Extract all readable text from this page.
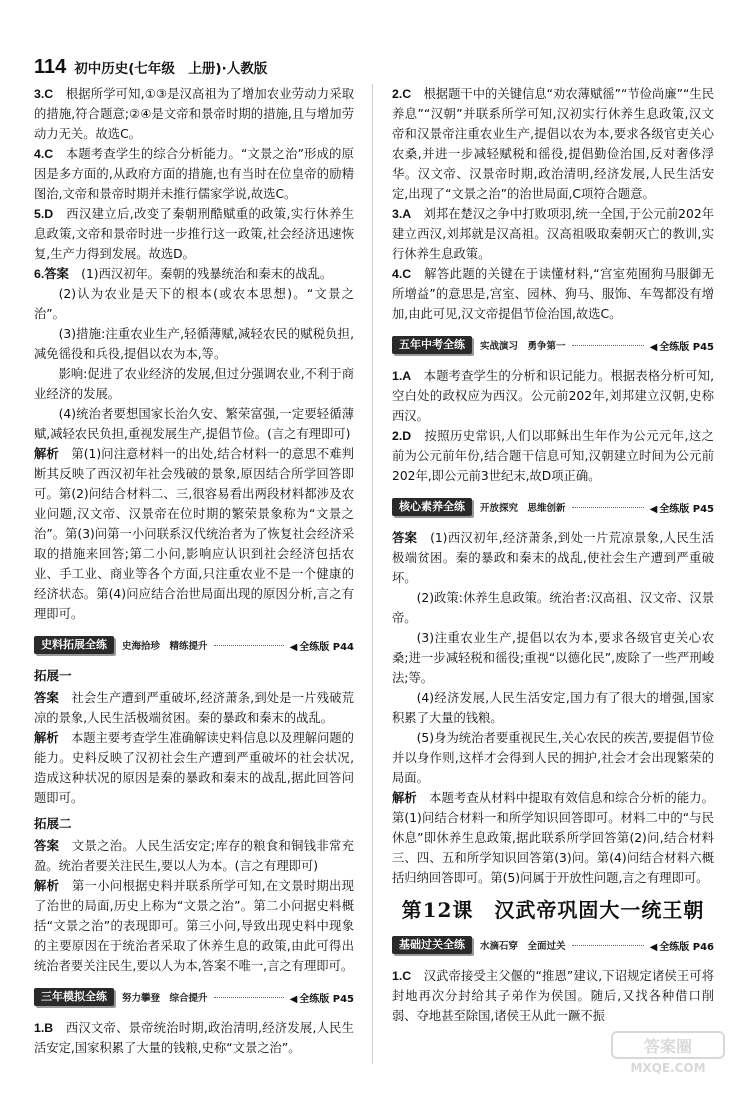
114 初中历史(七年级　上册)·人教版

3.C　 根据所学可知,①③是汉高祖为了增加农业劳动力采取的措施,符合题意;②④是文帝和景帝时期的措施,且与增加劳动力无关。故选C。

4.C　 本题考查学生的综合分析能力。“文景之治”形成的原因是多方面的,从政府方面的措施,也有当时在位皇帝的励精图治,文帝和景帝时期并未推行儒家学说,故选C。

5.D　 西汉建立后,改变了秦朝刑酷赋重的政策,实行休养生息政策,文帝和景帝时进一步推行这一政策,社会经济迅速恢复,生产力得到发展。故选D。

6.答案　 (1)西汉初年。秦朝的残暴统治和秦末的战乱。

(2)认为农业是天下的根本(或农本思想)。“文景之治”。

(3)措施:注重农业生产,轻循薄赋,减轻农民的赋税负担,减免徭役和兵役,提倡以农为本,等。

影响:促进了农业经济的发展,但过分强调农业,不利于商业经济的发展。

(4)统治者要想国家长治久安、繁荣富强,一定要轻循薄赋,减轻农民负担,重视发展生产,提倡节俭。(言之有理即可)

解析　 第(1)问注意材料一的出处,结合材料一的意思不难判断其反映了西汉初年社会残破的景象,原因结合所学回答即可。第(2)问结合材料二、三,很容易看出两段材料都涉及农业问题,汉文帝、汉景帝在位时期的繁荣景象称为“文景之治”。第(3)问第一小问联系汉代统治者为了恢复社会经济采取的措施来回答;第二小问,影响应认识到社会经济包括农业、手工业、商业等各个方面,只注重农业不是一个健康的经济状态。第(4)问应结合治世局面出现的原因分析,言之有理即可。

史料拓展全练	史海拾珍　精练提升	◀ 全练版 P44
拓展一

答案　 社会生产遭到严重破坏,经济萧条,到处是一片残破荒凉的景象,人民生活极端贫困。秦的暴政和秦末的战乱。

解析　 本题主要考查学生准确解读史料信息以及理解问题的能力。史料反映了汉初社会生产遭到严重破坏的社会状况,造成这种状况的原因是秦的暴政和秦末的战乱,据此回答问题即可。

拓展二

答案　 文景之治。人民生活安定;库存的粮食和铜钱非常充盈。统治者要关注民生,要以人为本。(言之有理即可)

解析　 第一小问根据史料并联系所学可知,在文景时期出现了治世的局面,历史上称为“文景之治”。第二小问据史料概括“文景之治”的表现即可。第三小问,导致出现史料中现象的主要原因在于统治者采取了休养生息的政策,由此可得出统治者要关注民生,要以人为本,答案不唯一,言之有理即可。

三年模拟全练	努力攀登　综合提升	◀ 全练版 P45

1.B　 西汉文帝、景帝统治时期,政治清明,经济发展,人民生活安定,国家积累了大量的钱粮,史称“文景之治”。

2.C　 根据题干中的关键信息“劝农薄赋徭”“节俭尚廉”“生民养息”“汉朝”并联系所学可知,汉初实行休养生息政策,汉文帝和汉景帝注重农业生产,提倡以农为本,要求各级官吏关心农桑,并进一步减轻赋税和徭役,提倡勤俭治国,反对奢侈浮华。汉文帝、汉景帝时期,政治清明,经济发展,人民生活安定,出现了“文景之治”的治世局面,C项符合题意。

3.A　 刘邦在楚汉之争中打败项羽,统一全国,于公元前202年建立西汉,刘邦就是汉高祖。汉高祖吸取秦朝灭亡的教训,实行休养生息政策。

4.C　 解答此题的关键在于读懂材料,“宫室苑囿狗马服御无所增益”的意思是,宫室、园林、狗马、服饰、车驾都没有增加,由此可见,汉文帝提倡节俭治国,故选C。

五年中考全练	实战演习　勇争第一	◀ 全练版 P45

1.A　 本题考查学生的分析和识记能力。根据表格分析可知,空白处的政权应为西汉。公元前202年,刘邦建立汉朝,史称西汉。

2.D　 按照历史常识,人们以耶稣出生年作为公元元年,这之前为公元前年份,结合题干信息可知,汉朝建立时间为公元前202年,即公元前3世纪末,故D项正确。

核心素养全练	开放探究　思维创新	◀ 全练版 P45

答案　 (1)西汉初年,经济萧条,到处一片荒凉景象,人民生活极端贫困。秦的暴政和秦末的战乱,使社会生产遭到严重破坏。

(2)政策:休养生息政策。统治者:汉高祖、汉文帝、汉景帝。

(3)注重农业生产,提倡以农为本,要求各级官吏关心农桑;进一步减轻税和徭役;重视“以德化民”,废除了一些严刑峻法;等。

(4)经济发展,人民生活安定,国力有了很大的增强,国家积累了大量的钱粮。

(5)身为统治者要重视民生,关心农民的疾苦,要提倡节俭并以身作则,这样才会得到人民的拥护,社会才会出现繁荣的局面。

解析　 本题考查从材料中提取有效信息和综合分析的能力。第(1)问结合材料一和所学知识回答即可。材料二中的“与民休息”即休养生息政策,据此联系所学回答第(2)问,结合材料三、四、五和所学知识回答第(3)问。第(4)问结合材料六概括归纳回答即可。第(5)问属于开放性问题,言之有理即可。

第12课　汉武帝巩固大一统王朝
基础过关全练	水滴石穿　全面过关	◀ 全练版 P46

1.C　 汉武帝接受主父偃的“推恩”建议,下诏规定诸侯王可将封地再次分封给其子弟作为侯国。随后,又找各种借口削弱、夺地甚至除国,诸侯王从此一蹶不振

答案圈
MXQE.COM
